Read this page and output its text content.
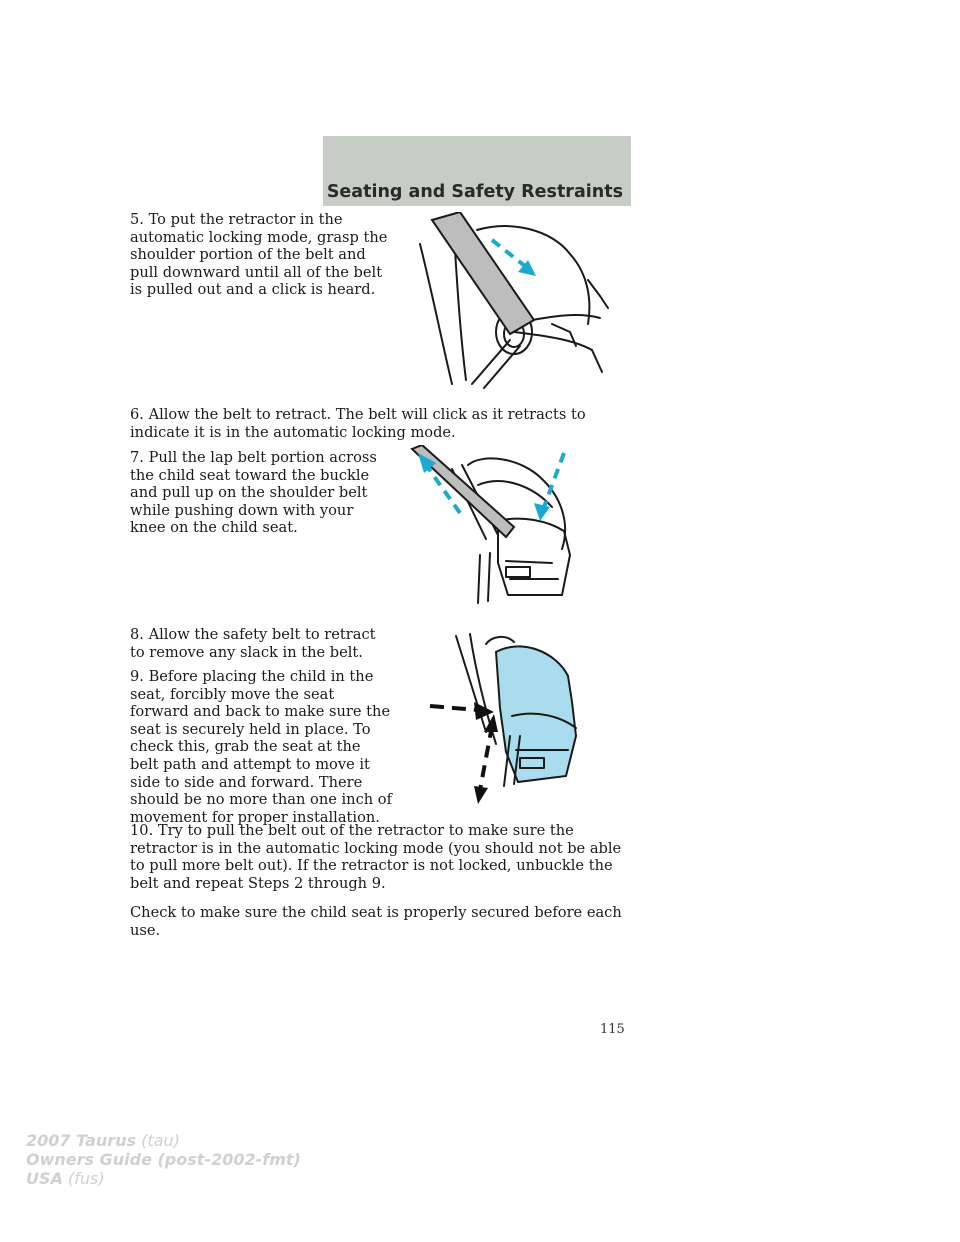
Seating and Safety Restraints

5. To put the retractor in the automatic locking mode, grasp the shoulder portion of the belt and pull downward until all of the belt is pulled out and a click is heard.

6. Allow the belt to retract. The belt will click as it retracts to indicate it is in the automatic locking mode.

7. Pull the lap belt portion across the child seat toward the buckle and pull up on the shoulder belt while pushing down with your knee on the child seat.

8. Allow the safety belt to retract to remove any slack in the belt.

9. Before placing the child in the seat, forcibly move the seat forward and back to make sure the seat is securely held in place. To check this, grab the seat at the belt path and attempt to move it side to side and forward. There should be no more than one inch of movement for proper installation.

10. Try to pull the belt out of the retractor to make sure the retractor is in the automatic locking mode (you should not be able to pull more belt out). If the retractor is not locked, unbuckle the belt and repeat Steps 2 through 9.

Check to make sure the child seat is properly secured before each use.

115
2007 Taurus (tau)
Owners Guide (post-2002-fmt)
USA (fus)
